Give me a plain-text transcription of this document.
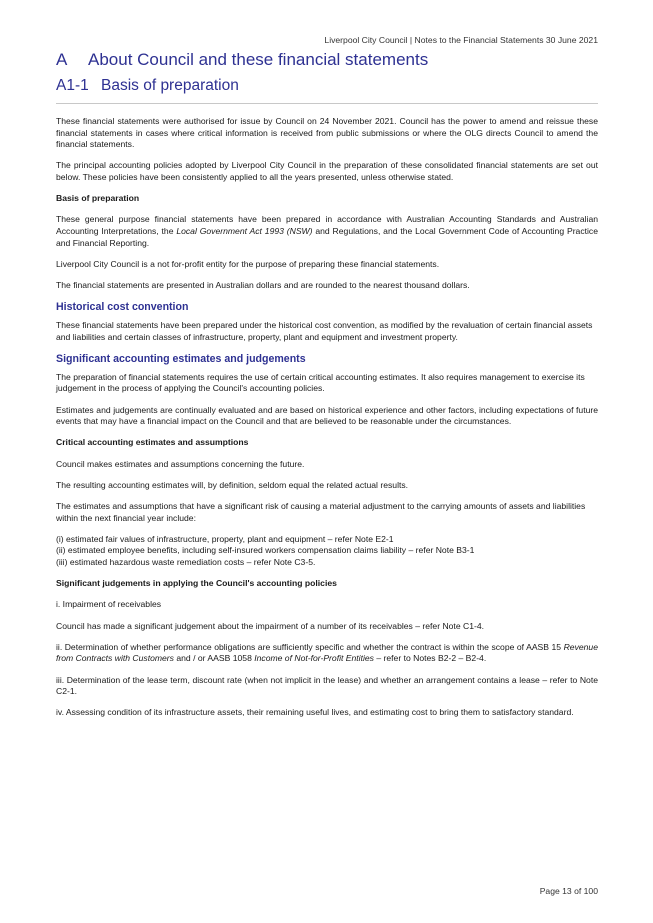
Liverpool City Council | Notes to the Financial Statements 30 June 2021
A About Council and these financial statements
A1-1 Basis of preparation

These financial statements were authorised for issue by Council on 24 November 2021. Council has the power to amend and reissue these financial statements in cases where critical information is received from public submissions or where the OLG directs Council to amend the financial statements.

The principal accounting policies adopted by Liverpool City Council in the preparation of these consolidated financial statements are set out below. These policies have been consistently applied to all the years presented, unless otherwise stated.

Basis of preparation

These general purpose financial statements have been prepared in accordance with Australian Accounting Standards and Australian Accounting Interpretations, the Local Government Act 1993 (NSW) and Regulations, and the Local Government Code of Accounting Practice and Financial Reporting.

Liverpool City Council is a not for-profit entity for the purpose of preparing these financial statements.

The financial statements are presented in Australian dollars and are rounded to the nearest thousand dollars.

Historical cost convention

These financial statements have been prepared under the historical cost convention, as modified by the revaluation of certain financial assets and liabilities and certain classes of infrastructure, property, plant and equipment and investment property.

Significant accounting estimates and judgements

The preparation of financial statements requires the use of certain critical accounting estimates. It also requires management to exercise its judgement in the process of applying the Council's accounting policies.

Estimates and judgements are continually evaluated and are based on historical experience and other factors, including expectations of future events that may have a financial impact on the Council and that are believed to be reasonable under the circumstances.

Critical accounting estimates and assumptions

Council makes estimates and assumptions concerning the future.

The resulting accounting estimates will, by definition, seldom equal the related actual results.

The estimates and assumptions that have a significant risk of causing a material adjustment to the carrying amounts of assets and liabilities within the next financial year include:

(i) estimated fair values of infrastructure, property, plant and equipment – refer Note E2-1
(ii) estimated employee benefits, including self-insured workers compensation claims liability – refer Note B3-1
(iii) estimated hazardous waste remediation costs – refer Note C3-5.
Significant judgements in applying the Council's accounting policies

i. Impairment of receivables

Council has made a significant judgement about the impairment of a number of its receivables – refer Note C1-4.

ii. Determination of whether performance obligations are sufficiently specific and whether the contract is within the scope of AASB 15 Revenue from Contracts with Customers and / or AASB 1058 Income of Not-for-Profit Entities – refer to Notes B2-2 – B2-4.

iii. Determination of the lease term, discount rate (when not implicit in the lease) and whether an arrangement contains a lease – refer to Note C2-1.

iv. Assessing condition of its infrastructure assets, their remaining useful lives, and estimating cost to bring them to satisfactory standard.

Page 13 of 100
